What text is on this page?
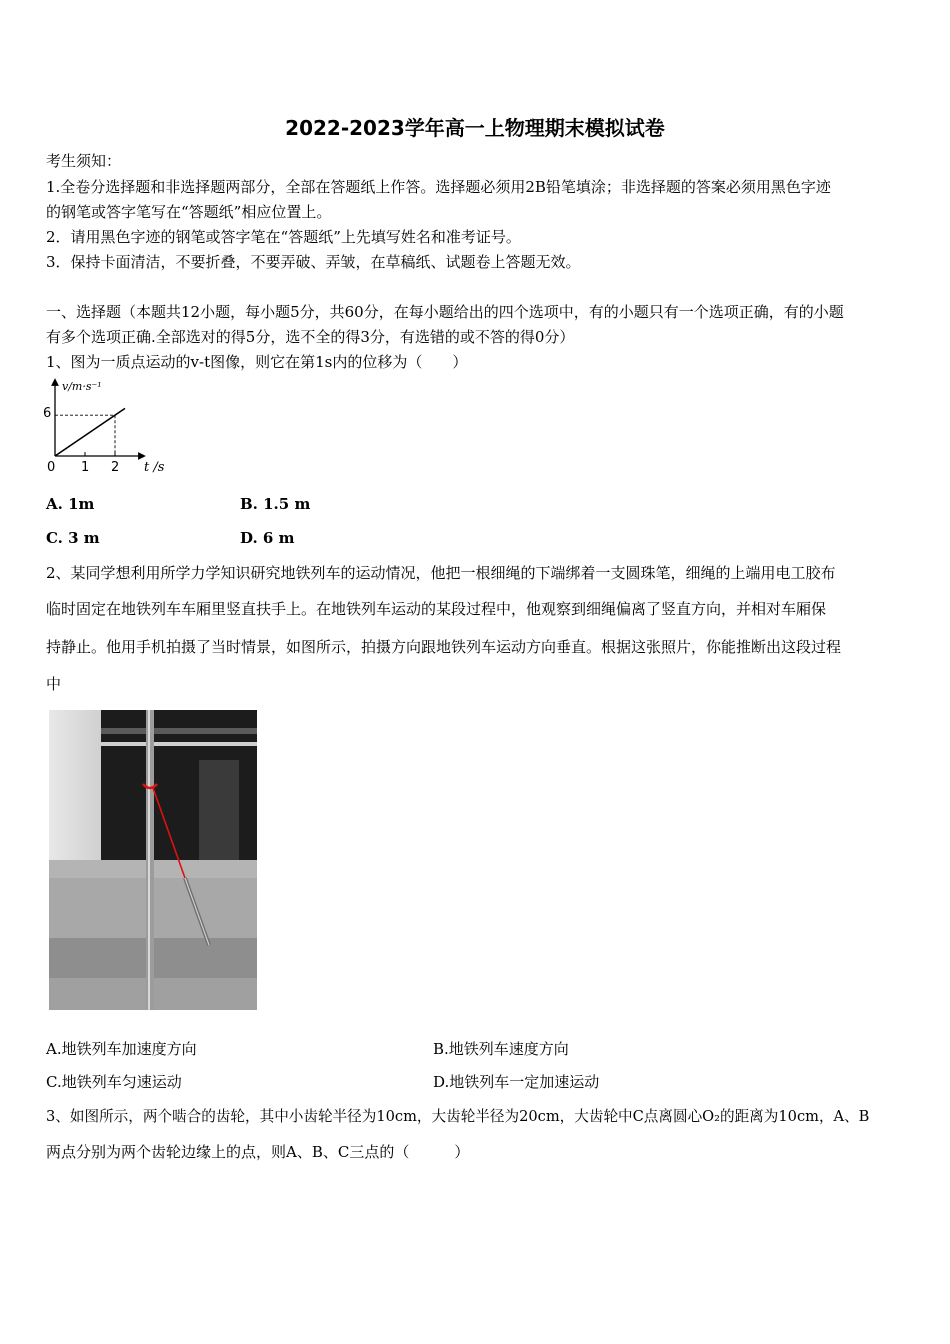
2022-2023学年高一上物理期末模拟试卷
考生须知：
1.全卷分选择题和非选择题两部分，全部在答题纸上作答。选择题必须用2B铅笔填涂；非选择题的答案必须用黑色字迹
的钢笔或答字笔写在“答题纸”相应位置上。
2．请用黑色字迹的钢笔或答字笔在“答题纸”上先填写姓名和准考证号。
3．保持卡面清洁，不要折叠，不要弄破、弄皱，在草稿纸、试题卷上答题无效。
一、选择题（本题共12小题，每小题5分，共60分，在每小题给出的四个选项中，有的小题只有一个选项正确，有的小题
有多个选项正确.全部选对的得5分，选不全的得3分，有选错的或不答的得0分）
1、图为一质点运动的v-t图像，则它在第1s内的位移为（　　）
v/m·s⁻¹
6
0 1 2 t /s
A. 1m	B. 1.5 m
C. 3 m	D. 6 m
2、某同学想利用所学力学知识研究地铁列车的运动情况，他把一根细绳的下端绑着一支圆珠笔，细绳的上端用电工胶布
临时固定在地铁列车车厢里竖直扶手上。在地铁列车运动的某段过程中，他观察到细绳偏离了竖直方向，并相对车厢保
持静止。他用手机拍摄了当时情景，如图所示，拍摄方向跟地铁列车运动方向垂直。根据这张照片，你能推断出这段过程
中
A.地铁列车加速度方向	B.地铁列车速度方向
C.地铁列车匀速运动	D.地铁列车一定加速运动
3、如图所示，两个啮合的齿轮，其中小齿轮半径为10cm，大齿轮半径为20cm，大齿轮中C点离圆心O₂的距离为10cm，A、B
两点分别为两个齿轮边缘上的点，则A、B、C三点的（　　　）
